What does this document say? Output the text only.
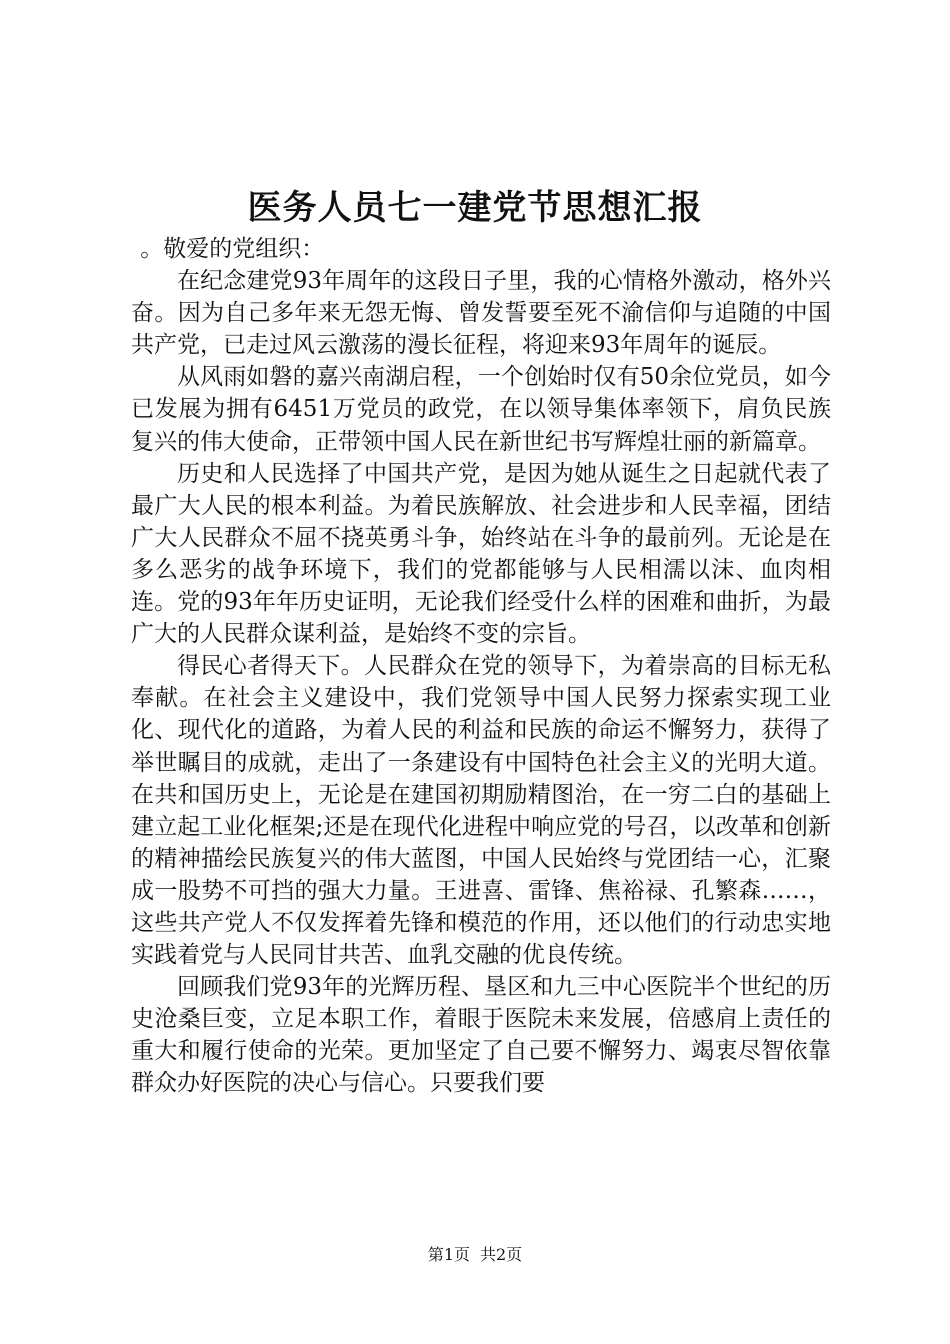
医务人员七一建党节思想汇报

。敬爱的党组织：

在纪念建党93年周年的这段日子里，我的心情格外激动，格外兴奋。因为自己多年来无怨无悔、曾发誓要至死不渝信仰与追随的中国共产党，已走过风云激荡的漫长征程，将迎来93年周年的诞辰。

从风雨如磐的嘉兴南湖启程，一个创始时仅有50余位党员，如今已发展为拥有6451万党员的政党，在以领导集体率领下，肩负民族复兴的伟大使命，正带领中国人民在新世纪书写辉煌壮丽的新篇章。

历史和人民选择了中国共产党，是因为她从诞生之日起就代表了最广大人民的根本利益。为着民族解放、社会进步和人民幸福，团结广大人民群众不屈不挠英勇斗争，始终站在斗争的最前列。无论是在多么恶劣的战争环境下，我们的党都能够与人民相濡以沫、血肉相连。党的93年年历史证明，无论我们经受什么样的困难和曲折，为最广大的人民群众谋利益，是始终不变的宗旨。

得民心者得天下。人民群众在党的领导下，为着崇高的目标无私奉献。在社会主义建设中，我们党领导中国人民努力探索实现工业化、现代化的道路，为着人民的利益和民族的命运不懈努力，获得了举世瞩目的成就，走出了一条建设有中国特色社会主义的光明大道。在共和国历史上，无论是在建国初期励精图治，在一穷二白的基础上建立起工业化框架;还是在现代化进程中响应党的号召，以改革和创新的精神描绘民族复兴的伟大蓝图，中国人民始终与党团结一心，汇聚成一股势不可挡的强大力量。王进喜、雷锋、焦裕禄、孔繁森……，这些共产党人不仅发挥着先锋和模范的作用，还以他们的行动忠实地实践着党与人民同甘共苦、血乳交融的优良传统。

回顾我们党93年的光辉历程、垦区和九三中心医院半个世纪的历史沧桑巨变，立足本职工作，着眼于医院未来发展，倍感肩上责任的重大和履行使命的光荣。更加坚定了自己要不懈努力、竭衷尽智依靠群众办好医院的决心与信心。只要我们要

第1页 共2页
